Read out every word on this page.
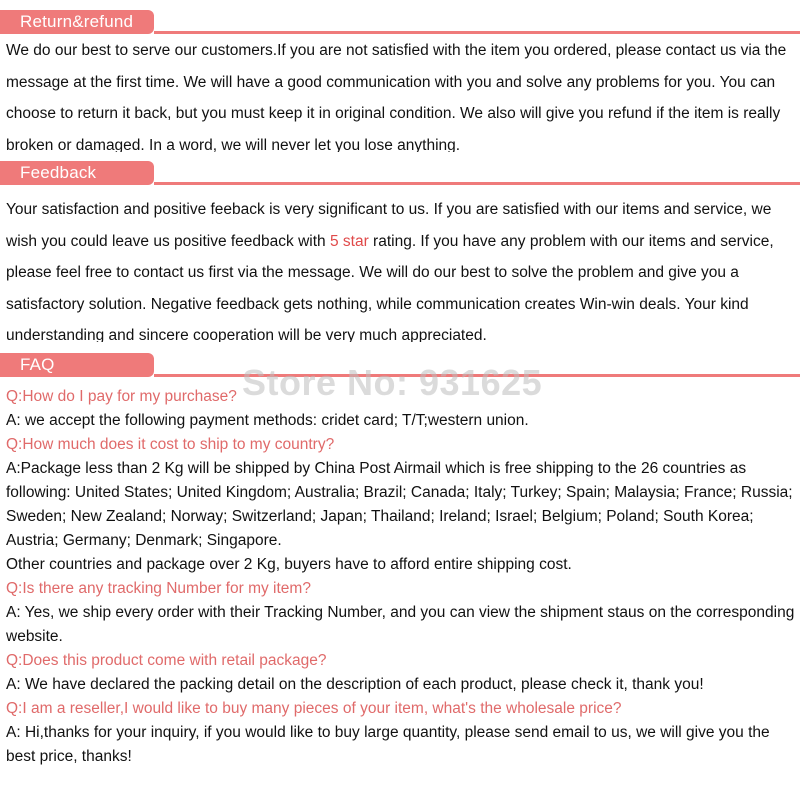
Return&refund

We do our best to serve our customers.If you are not satisfied with the item you ordered, please contact us via the message at the first time. We will have a good communication with you and solve any problems for you. You can choose to return it back, but you must keep it in original condition. We also will give you refund if the item is really broken or damaged. In a word, we will never let you lose anything.

Feedback

Your satisfaction and positive feeback is very significant to us. If you are satisfied with our items and service, we wish you could leave us positive feedback with 5 star rating. If you have any problem with our items and service, please feel free to contact us first via the message. We will do our best to solve the problem and give you a satisfactory solution. Negative feedback gets nothing, while communication creates Win-win deals. Your kind understanding and sincere cooperation will be very much appreciated.

FAQ	Store No: 931625
Q:How do I pay for my purchase?
A: we accept the following payment methods: cridet card; T/T;western union.
Q:How much does it cost to ship to my country?
A:Package less than 2 Kg will be shipped by China Post Airmail which is free shipping to the 26 countries as following: United States; United Kingdom; Australia; Brazil; Canada; Italy; Turkey; Spain; Malaysia; France; Russia; Sweden; New Zealand; Norway; Switzerland; Japan; Thailand; Ireland; Israel; Belgium; Poland; South Korea; Austria; Germany; Denmark; Singapore.
Other countries and package over 2 Kg, buyers have to afford entire shipping cost.
Q:Is there any tracking Number for my item?
A: Yes, we ship every order with their Tracking Number, and you can view the shipment staus on the corresponding website.
Q:Does this product come with retail package?
A: We have declared the packing detail on the description of each product, please check it, thank you!
Q:I am a reseller,I would like to buy many pieces of your item, what's the wholesale price?
A: Hi,thanks for your inquiry, if you would like to buy large quantity, please send email to us, we will give you the best price, thanks!
